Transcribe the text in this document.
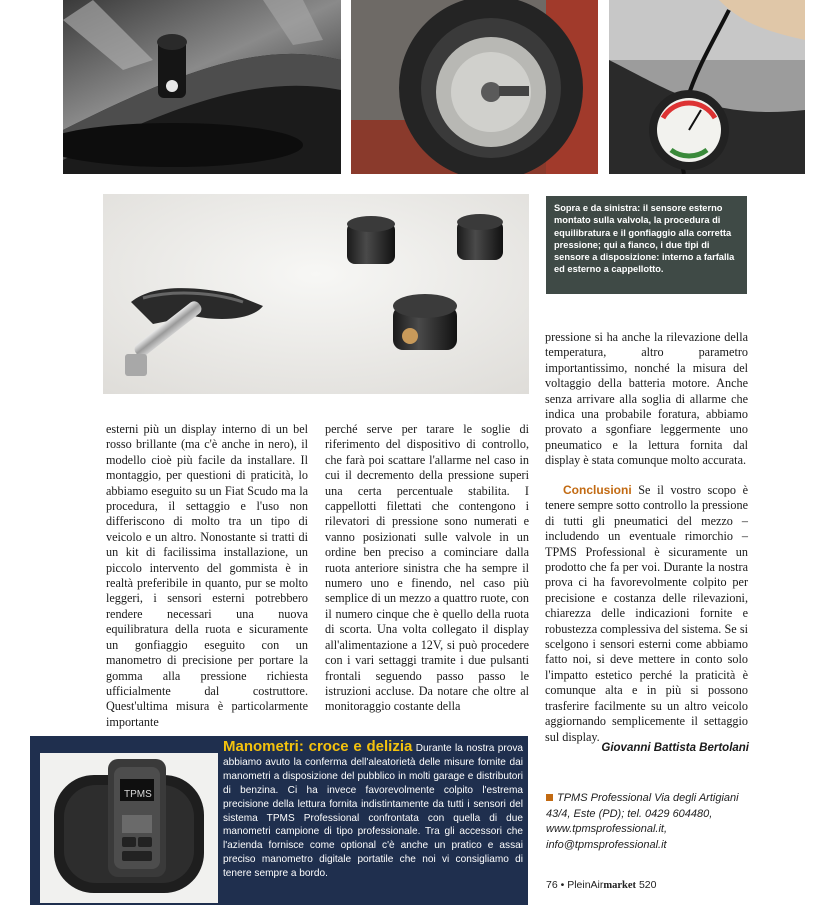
Sopra e da sinistra: il sensore esterno montato sulla valvola, la procedura di equilibratura e il gonfiaggio alla corretta pressione; qui a fianco, i due tipi di sensore a disposizione: interno a farfalla ed esterno a cappellotto.

esterni più un display interno di un bel rosso brillante (ma c'è anche in nero), il modello cioè più facile da installare. Il montaggio, per questioni di praticità, lo abbiamo eseguito su un Fiat Scudo ma la procedura, il settaggio e l'uso non differiscono di molto tra un tipo di veicolo e un altro. Nonostante si tratti di un kit di facilissima installazione, un piccolo intervento del gommista è in realtà preferibile in quanto, pur se molto leggeri, i sensori esterni potrebbero rendere necessari una nuova equilibratura della ruota e sicuramente un gonfiaggio eseguito con un manometro di precisione per portare la gomma alla pressione richiesta ufficialmente dal costruttore. Quest'ultima misura è particolarmente importante

perché serve per tarare le soglie di riferimento del dispositivo di controllo, che farà poi scattare l'allarme nel caso in cui il decremento della pressione superi una certa percentuale stabilita. I cappellotti filettati che contengono i rilevatori di pressione sono numerati e vanno posizionati sulle valvole in un ordine ben preciso a cominciare dalla ruota anteriore sinistra che ha sempre il numero uno e finendo, nel caso più semplice di un mezzo a quattro ruote, con il numero cinque che è quello della ruota di scorta. Una volta collegato il display all'alimentazione a 12V, si può procedere con i vari settaggi tramite i due pulsanti frontali seguendo passo passo le istruzioni accluse. Da notare che oltre al monitoraggio costante della

pressione si ha anche la rilevazione della temperatura, altro parametro importantissimo, nonché la misura del voltaggio della batteria motore. Anche senza arrivare alla soglia di allarme che indica una probabile foratura, abbiamo provato a sgonfiare leggermente uno pneumatico e la lettura fornita dal display è stata comunque molto accurata.

Conclusioni Se il vostro scopo è tenere sempre sotto controllo la pressione di tutti gli pneumatici del mezzo – includendo un eventuale rimorchio – TPMS Professional è sicuramente un prodotto che fa per voi. Durante la nostra prova ci ha favorevolmente colpito per precisione e costanza delle rilevazioni, chiarezza delle indicazioni fornite e robustezza complessiva del sistema. Se si scelgono i sensori esterni come abbiamo fatto noi, si deve mettere in conto solo l'impatto estetico perché la praticità è comunque alta e in più si possono trasferire facilmente su un altro veicolo aggiornando semplicemente il settaggio sul display.

Giovanni Battista Bertolani
TPMS Professional Via degli Artigiani
43/4, Este (PD); tel. 0429 604480,
www.tpmsprofessional.it,
info@tpmsprofessional.it
TPMS
Manometri: croce e delizia Durante la nostra prova abbiamo avuto la conferma dell'aleatorietà delle misure fornite dai manometri a disposizione del pubblico in molti garage e distributori di benzina. Ci ha invece favorevolmente colpito l'estrema precisione della lettura fornita indistintamente da tutti i sensori del sistema TPMS Professional confrontata con quella di due manometri campione di tipo professionale. Tra gli accessori che l'azienda fornisce come optional c'è anche un pratico e assai preciso manometro digitale portatile che noi vi consigliamo di tenere sempre a bordo.
76 • PleinAirmarket 520
